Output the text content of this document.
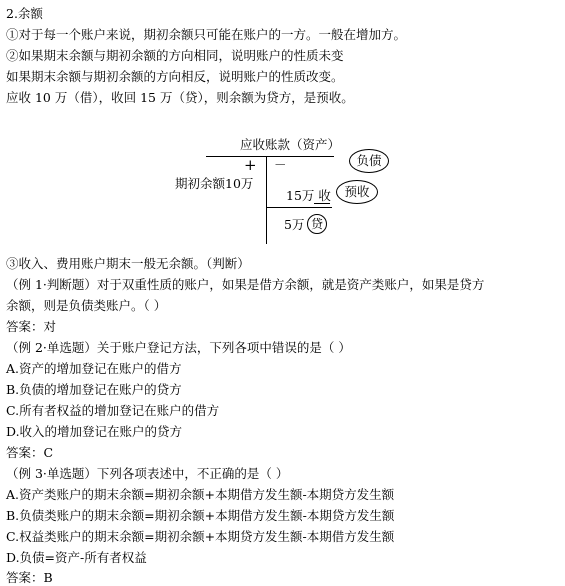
2.余额
①对于每一个账户来说，期初余额只可能在账户的一方。一般在增加方。
②如果期末余额与期初余额的方向相同，说明账户的性质未变
如果期末余额与期初余额的方向相反，说明账户的性质改变。
应收 10 万（借），收回 15 万（贷），则余额为贷方，是预收。
应收账款（资产）
+ －
期初余额10万
15万 收
5万 贷
负债
预收
③收入、费用账户期末一般无余额。（判断）
（例 1·判断题）对于双重性质的账户，如果是借方余额，就是资产类账户，如果是贷方
余额，则是负债类账户。（ ）
答案：对
（例 2·单选题）关于账户登记方法，下列各项中错误的是（ ）
A.资产的增加登记在账户的借方
B.负债的增加登记在账户的贷方
C.所有者权益的增加登记在账户的借方
D.收入的增加登记在账户的贷方
答案：C
（例 3·单选题）下列各项表述中，不正确的是（ ）
A.资产类账户的期末余额=期初余额+本期借方发生额-本期贷方发生额
B.负债类账户的期末余额=期初余额+本期借方发生额-本期贷方发生额
C.权益类账户的期末余额=期初余额+本期贷方发生额-本期借方发生额
D.负债=资产-所有者权益
答案：B
